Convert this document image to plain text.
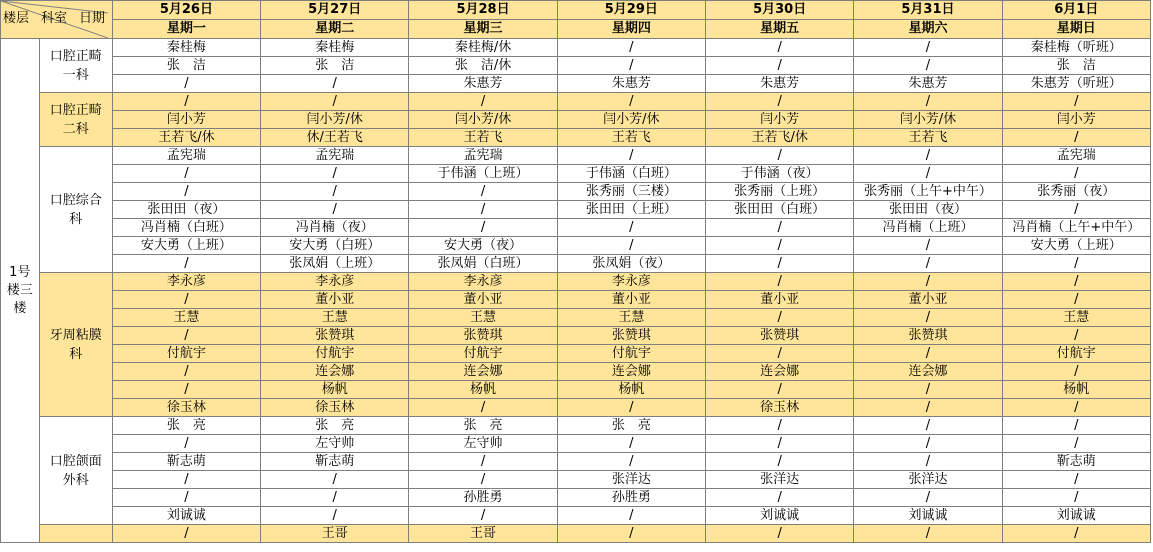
楼层 科室 日期		5月26日	5月27日	5月28日	5月29日	5月30日	5月31日	6月1日
		星期一	星期二	星期三	星期四	星期五	星期六	星期日
1号楼三楼	口腔正畸一科	秦桂梅	秦桂梅	秦桂梅/休	/	/	/	秦桂梅（听班）
		张　洁	张　洁	张　洁/休	/	/	/	张　洁
		/	/	朱惠芳	朱惠芳	朱惠芳	朱惠芳	朱惠芳（听班）
	口腔正畸二科	/	/	/	/	/	/	/
		闫小芳	闫小芳/休	闫小芳/休	闫小芳/休	闫小芳	闫小芳/休	闫小芳
		王若飞/休	休/王若飞	王若飞	王若飞	王若飞/休	王若飞	/
	口腔综合科	孟宪瑞	孟宪瑞	孟宪瑞	/	/	/	孟宪瑞
		/	/	于伟涵（上班）	于伟涵（白班）	于伟涵（夜）	/	/
		/	/	/	张秀丽（三楼）	张秀丽（上班）	张秀丽（上午+中午）	张秀丽（夜）
		张田田（夜）	/	/	张田田（上班）	张田田（白班）	张田田（夜）	/
		冯肖楠（白班）	冯肖楠（夜）	/	/	/	冯肖楠（上班）	冯肖楠（上午+中午）
		安大勇（上班）	安大勇（白班）	安大勇（夜）	/	/	/	安大勇（上班）
		/	张凤娟（上班）	张凤娟（白班）	张凤娟（夜）	/	/	/
	牙周粘膜科	李永彦	李永彦	李永彦	李永彦	/	/	/
		/	董小亚	董小亚	董小亚	董小亚	董小亚	/
		王慧	王慧	王慧	王慧	/	/	王慧
		/	张赞琪	张赞琪	张赞琪	张赞琪	张赞琪	/
		付航宇	付航宇	付航宇	付航宇	/	/	付航宇
		/	连会娜	连会娜	连会娜	连会娜	连会娜	/
		/	杨帆	杨帆	杨帆	/	/	杨帆
		徐玉林	徐玉林	/	/	徐玉林	/	/
	口腔颌面外科	张　亮	张　亮	张　亮	张　亮	/	/	/
		/	左守帅	左守帅	/	/	/	/
		靳志萌	靳志萌	/	/	/	/	靳志萌
		/	/	/	张洋达	张洋达	张洋达	/
		/	/	孙胜勇	孙胜勇	/	/	/
		刘诚诚	/	/	/	刘诚诚	刘诚诚	刘诚诚
		/	王哥	王哥	/	/	/	/
